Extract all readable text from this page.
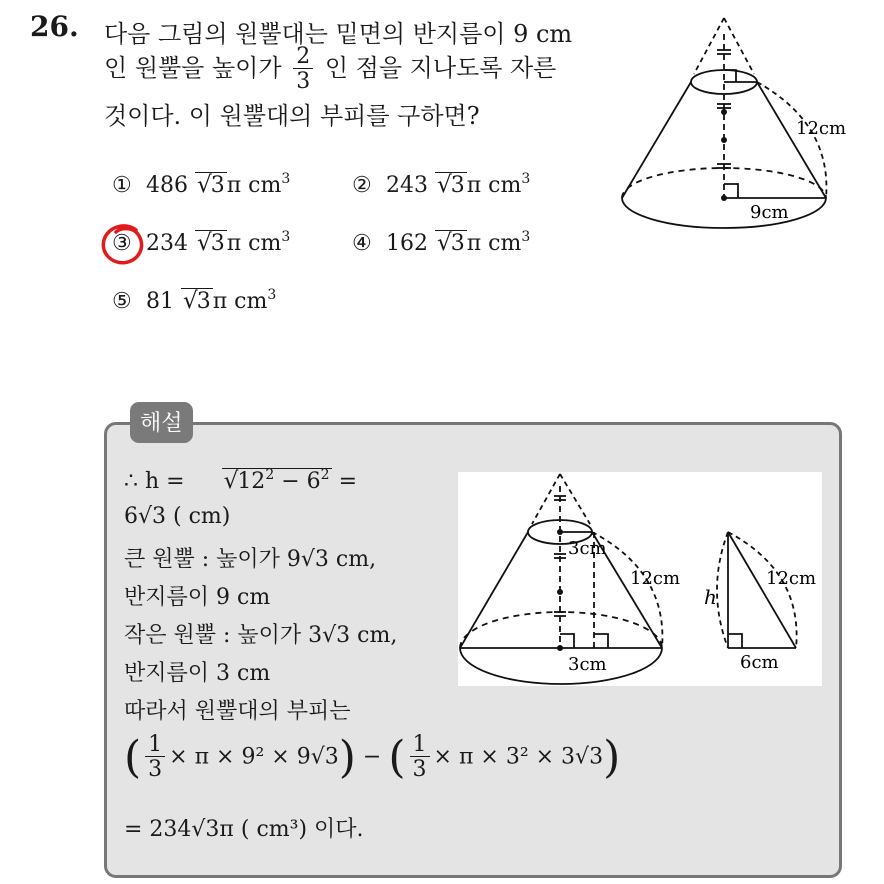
26. 다음 그림의 원뿔대는 밑면의 반지름이 9 cm
인 원뿔을 높이가 $\frac{2}{3}$ 인 점을 지나도록 자른
것이다. 이 원뿔대의 부피를 구하면?
① 486 √3π $cm^3$	② 243 √3π $cm^3$
③ 234 √3π $cm^3$	④ 162 √3π $cm^3$
⑤ 81 √3π $cm^3$
12cm
9cm
해설
∴ $h = √12^2 - 6^2$ =
6√3 ( cm)
큰 원뿔 : 높이가 9√3 cm,
반지름이 9 cm
작은 원뿔 : 높이가 3√3 cm,
반지름이 3 cm
따라서 원뿔대의 부피는
( $\frac{1}{3} \times \pi \times 9^2 \times 9√3$) − ( $\frac{1}{3} \times \pi \times 3^2 \times 3√3$)
= 234√3π ( cm³) 이다.
3cm
12cm
3cm
h
12cm
6cm
